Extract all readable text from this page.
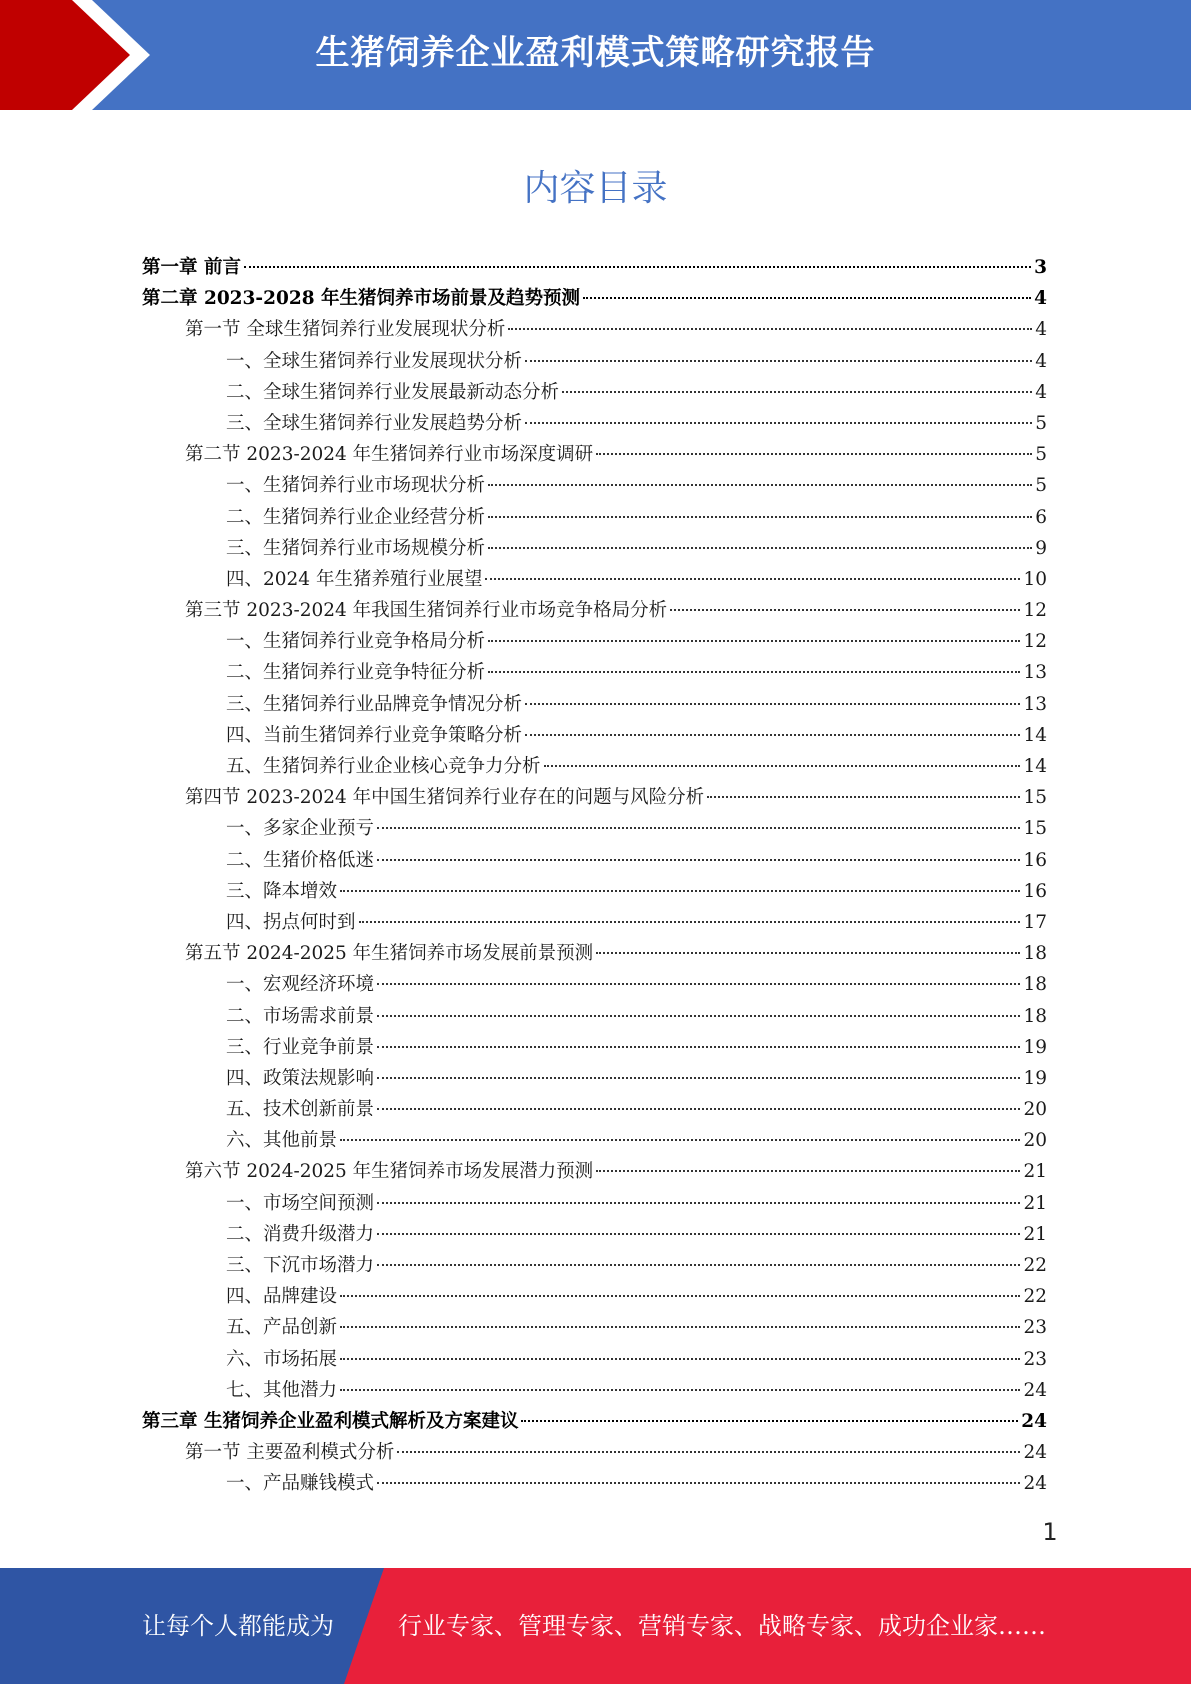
生猪饲养企业盈利模式策略研究报告
内容目录
第一章 前言	3
第二章 2023-2028 年生猪饲养市场前景及趋势预测	4
第一节 全球生猪饲养行业发展现状分析	4
一、全球生猪饲养行业发展现状分析	4
二、全球生猪饲养行业发展最新动态分析	4
三、全球生猪饲养行业发展趋势分析	5
第二节 2023-2024 年生猪饲养行业市场深度调研	5
一、生猪饲养行业市场现状分析	5
二、生猪饲养行业企业经营分析	6
三、生猪饲养行业市场规模分析	9
四、2024 年生猪养殖行业展望	10
第三节 2023-2024 年我国生猪饲养行业市场竞争格局分析	12
一、生猪饲养行业竞争格局分析	12
二、生猪饲养行业竞争特征分析	13
三、生猪饲养行业品牌竞争情况分析	13
四、当前生猪饲养行业竞争策略分析	14
五、生猪饲养行业企业核心竞争力分析	14
第四节 2023-2024 年中国生猪饲养行业存在的问题与风险分析	15
一、多家企业预亏	15
二、生猪价格低迷	16
三、降本增效	16
四、拐点何时到	17
第五节 2024-2025 年生猪饲养市场发展前景预测	18
一、宏观经济环境	18
二、市场需求前景	18
三、行业竞争前景	19
四、政策法规影响	19
五、技术创新前景	20
六、其他前景	20
第六节 2024-2025 年生猪饲养市场发展潜力预测	21
一、市场空间预测	21
二、消费升级潜力	21
三、下沉市场潜力	22
四、品牌建设	22
五、产品创新	23
六、市场拓展	23
七、其他潜力	24
第三章 生猪饲养企业盈利模式解析及方案建议	24
第一节 主要盈利模式分析	24
一、产品赚钱模式	24
1
让每个人都能成为	行业专家、管理专家、营销专家、战略专家、成功企业家……
